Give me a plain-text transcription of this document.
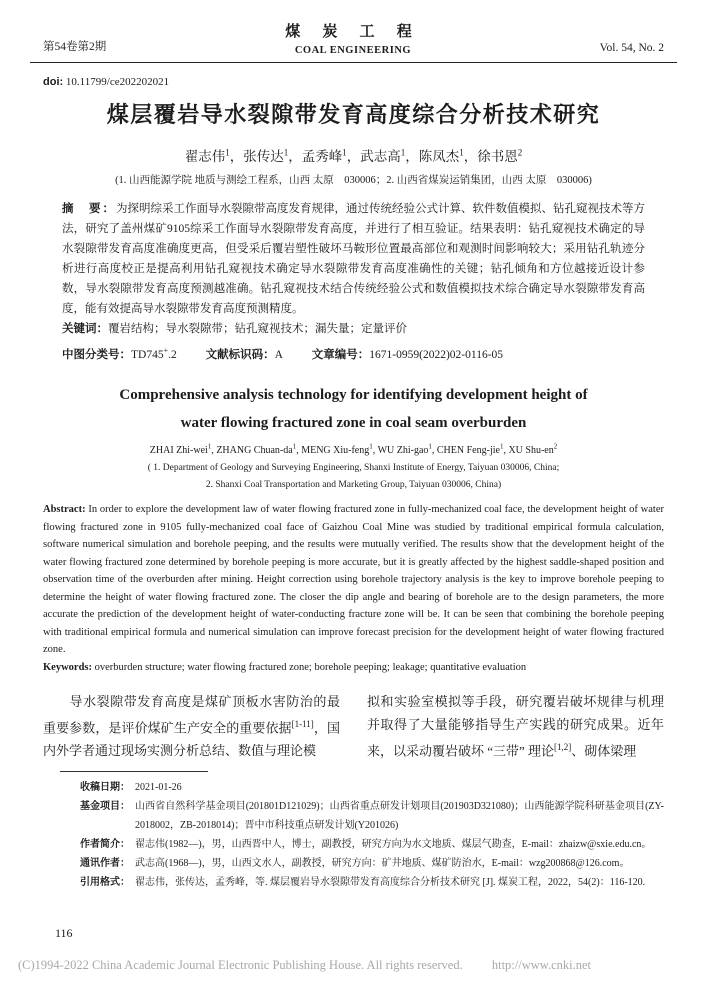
第54卷第2期
煤 炭 工 程
COAL ENGINEERING	Vol. 54, No. 2
doi: 10.11799/ce202202021
煤层覆岩导水裂隙带发育高度综合分析技术研究
翟志伟$^1$，张传达$^1$，孟秀峰$^1$，武志高$^1$，陈凤杰$^1$，徐书恩$^2$
(1. 山西能源学院 地质与测绘工程系，山西 太原　030006；2. 山西省煤炭运销集团，山西 太原　030006)
摘　要：为探明综采工作面导水裂隙带高度发育规律，通过传统经验公式计算、软件数值模拟、钻孔窥视技术等方法，研究了盖州煤矿9105综采工作面导水裂隙带发育高度，并进行了相互验证。结果表明：钻孔窥视技术确定的导水裂隙带发育高度准确度更高，但受采后覆岩塑性破坏马鞍形位置最高部位和观测时间影响较大；采用钻孔轨迹分析进行高度校正是提高利用钻孔窥视技术确定导水裂隙带发育高度准确性的关键；钻孔倾角和方位越接近设计参数，导水裂隙带发育高度预测越准确。钻孔窥视技术结合传统经验公式和数值模拟技术综合确定导水裂隙带发育高度，能有效提高导水裂隙带发育高度预测精度。
关键词：覆岩结构；导水裂隙带；钻孔窥视技术；漏失量；定量评价
中图分类号：TD745+.2	文献标识码：A	文章编号：1671-0959(2022)02-0116-05
Comprehensive analysis technology for identifying development height of
water flowing fractured zone in coal seam overburden
ZHAI Zhi-wei$^1$, ZHANG Chuan-$da^1$, MENG Xiu-feng$^1$, WU Zhi-gao$^1$, CHEN Feng-jie$^1$, XU Shu-$en^2$
( 1. Department of Geology and Surveying Engineering, Shanxi Institute of Energy, Taiyuan 030006, China;
2. Shanxi Coal Transportation and Marketing Group, Taiyuan 030006, China)
Abstract: In order to explore the development law of water flowing fractured zone in fully-mechanized coal face, the development height of water flowing fractured zone in 9105 fully-mechanized coal face of Gaizhou Coal Mine was studied by traditional empirical formula calculation, software numerical simulation and borehole peeping, and the results were mutually verified. The results show that the development height of the water flowing fractured zone determined by borehole peeping is more accurate, but it is greatly affected by the highest saddle-shaped position and observation time of the overburden after mining. Height correction using borehole trajectory analysis is the key to improve borehole peeping to determine the height of water flowing fractured zone. The closer the dip angle and bearing of borehole are to the design parameters, the more accurate the prediction of the development height of water-conducting fracture zone will be. It can be seen that combining the borehole peeping with traditional empirical formula and numerical simulation can improve forecast precision for the development height of water flowing fractured zone.
Keywords: overburden structure; water flowing fractured zone; borehole peeping; leakage; quantitative evaluation
导水裂隙带发育高度是煤矿顶板水害防治的最重要参数，是评价煤矿生产安全的重要依据[1-11]，国内外学者通过现场实测分析总结、数值与理论模
拟和实验室模拟等手段，研究覆岩破坏规律与机理并取得了大量能够指导生产实践的研究成果。近年来，以采动覆岩破坏 “三带” 理论[1,2]、砌体梁理
收稿日期： 2021-01-26
基金项目： 山西省自然科学基金项目(201801D121029)；山西省重点研发计划项目(201903D321080)；山西能源学院科研基金项目(ZY-2018002，ZB-2018014)；晋中市科技重点研发计划(Y201026)
作者简介： 翟志伟(1982—)，男，山西晋中人，博士，副教授，研究方向为水文地质、煤层气勘查，E-mail：zhaizw@sxie.edu.cn。
通讯作者： 武志高(1968—)，男，山西文水人，副教授，研究方向：矿井地质、煤矿防治水，E-mail：wzg200868@126.com。
引用格式： 翟志伟，张传达，孟秀峰，等. 煤层覆岩导水裂隙带发育高度综合分析技术研究 [J]. 煤炭工程，2022，54(2)：116-120.
116
(C)1994-2022 China Academic Journal Electronic Publishing House. All rights reserved. http://www.cnki.net
